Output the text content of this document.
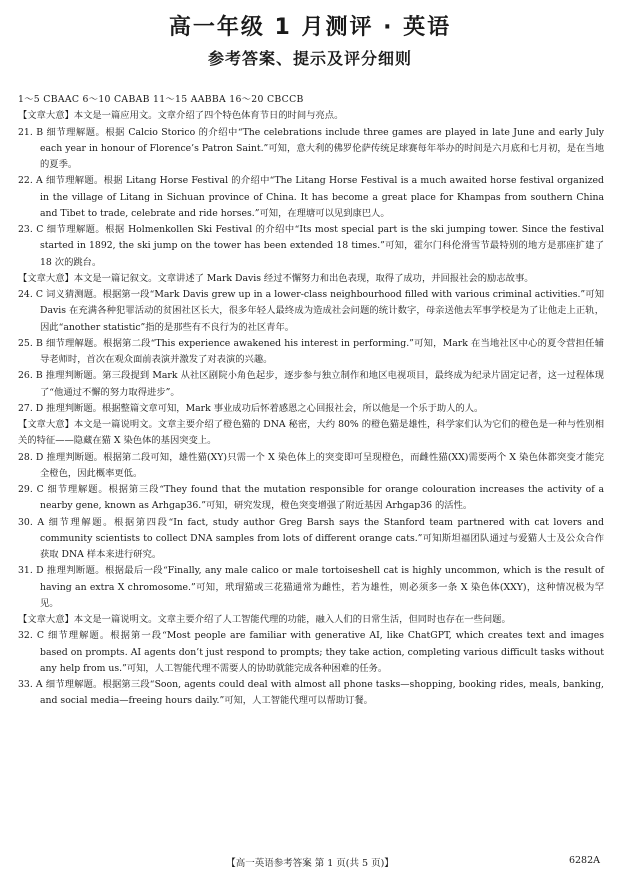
高一年级 1 月测评 · 英语
参考答案、提示及评分细则

1～5 CBAAC 6～10 CABAB 11～15 AABBA 16～20 CBCCB

【文章大意】本文是一篇应用文。文章介绍了四个特色体育节日的时间与亮点。

21. B 细节理解题。根据 Calcio Storico 的介绍中“The celebrations include three games are played in late June and early July each year in honour of Florence’s Patron Saint.”可知，意大利的佛罗伦萨传统足球赛每年举办的时间是六月底和七月初，是在当地的夏季。

22. A 细节理解题。根据 Litang Horse Festival 的介绍中“The Litang Horse Festival is a much awaited horse festival organized in the village of Litang in Sichuan province of China. It has become a great place for Khampas from southern China and Tibet to trade, celebrate and ride horses.”可知，在理塘可以见到康巴人。

23. C 细节理解题。根据 Holmenkollen Ski Festival 的介绍中“Its most special part is the ski jumping tower. Since the festival started in 1892, the ski jump on the tower has been extended 18 times.”可知，霍尔门科伦滑雪节最特别的地方是那座扩建了 18 次的跳台。

【文章大意】本文是一篇记叙文。文章讲述了 Mark Davis 经过不懈努力和出色表现，取得了成功，并回报社会的励志故事。

24. C 词义猜测题。根据第一段“Mark Davis grew up in a lower-class neighbourhood filled with various criminal activities.”可知 Davis 在充满各种犯罪活动的贫困社区长大，很多年轻人最终成为造成社会问题的统计数字，母亲送他去军事学校是为了让他走上正轨，因此“another statistic”指的是那些有不良行为的社区青年。

25. B 细节理解题。根据第二段“This experience awakened his interest in performing.”可知，Mark 在当地社区中心的夏令营担任辅导老师时，首次在观众面前表演并激发了对表演的兴趣。

26. B 推理判断题。第三段提到 Mark 从社区剧院小角色起步，逐步参与独立制作和地区电视项目，最终成为纪录片固定记者，这一过程体现了“他通过不懈的努力取得进步”。

27. D 推理判断题。根据整篇文章可知，Mark 事业成功后怀着感恩之心回报社会，所以他是一个乐于助人的人。

【文章大意】本文是一篇说明文。文章主要介绍了橙色猫的 DNA 秘密，大约 80% 的橙色猫是雄性，科学家们认为它们的橙色是一种与性别相关的特征——隐藏在猫 X 染色体的基因突变上。

28. D 推理判断题。根据第二段可知，雄性猫(XY)只需一个 X 染色体上的突变即可呈现橙色，而雌性猫(XX)需要两个 X 染色体都突变才能完全橙色，因此概率更低。

29. C 细节理解题。根据第三段“They found that the mutation responsible for orange colouration increases the activity of a nearby gene, known as Arhgap36.”可知，研究发现，橙色突变增强了附近基因 Arhgap36 的活性。

30. A 细节理解题。根据第四段“In fact, study author Greg Barsh says the Stanford team partnered with cat lovers and community scientists to collect DNA samples from lots of different orange cats.”可知斯坦福团队通过与爱猫人士及公众合作获取 DNA 样本来进行研究。

31. D 推理判断题。根据最后一段“Finally, any male calico or male tortoiseshell cat is highly uncommon, which is the result of having an extra X chromosome.”可知，玳瑁猫或三花猫通常为雌性，若为雄性，则必须多一条 X 染色体(XXY)，这种情况极为罕见。

【文章大意】本文是一篇说明文。文章主要介绍了人工智能代理的功能，融入人们的日常生活，但同时也存在一些问题。

32. C 细节理解题。根据第一段“Most people are familiar with generative AI, like ChatGPT, which creates text and images based on prompts. AI agents don’t just respond to prompts; they take action, completing various difficult tasks without any help from us.”可知，人工智能代理不需要人的协助就能完成各种困难的任务。

33. A 细节理解题。根据第三段“Soon, agents could deal with almost all phone tasks—shopping, booking rides, meals, banking, and social media—freeing hours daily.”可知，人工智能代理可以帮助订餐。

【高一英语参考答案 第 1 页(共 5 页)】	6282A
